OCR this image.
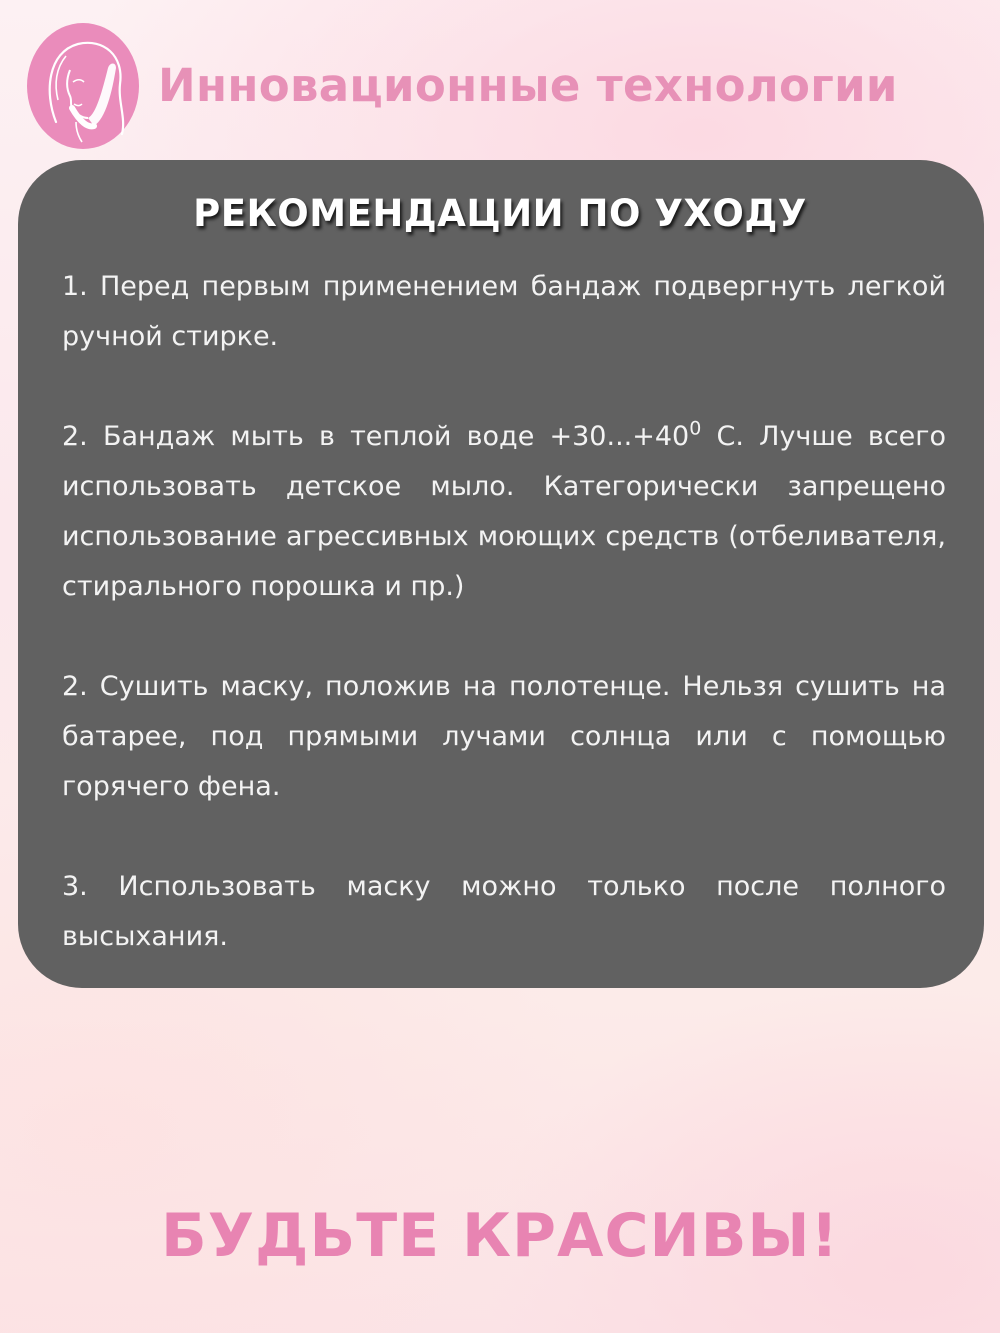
Инновационные технологии
РЕКОМЕНДАЦИИ ПО УХОДУ

1. Перед первым применением бандаж подвергнуть легкой ручной стирке.

2. Бандаж мыть в теплой воде $+30...+40^0$ С. Лучше всего использовать детское мыло. Категорически запрещено использование агрессивных моющих средств (отбеливателя, стирального порошка и пр.)

2. Сушить маску, положив на полотенце. Нельзя сушить на батарее, под прямыми лучами солнца или с помощью горячего фена.

3. Использовать маску можно только после полного высыхания.

БУДЬТЕ КРАСИВЫ!
